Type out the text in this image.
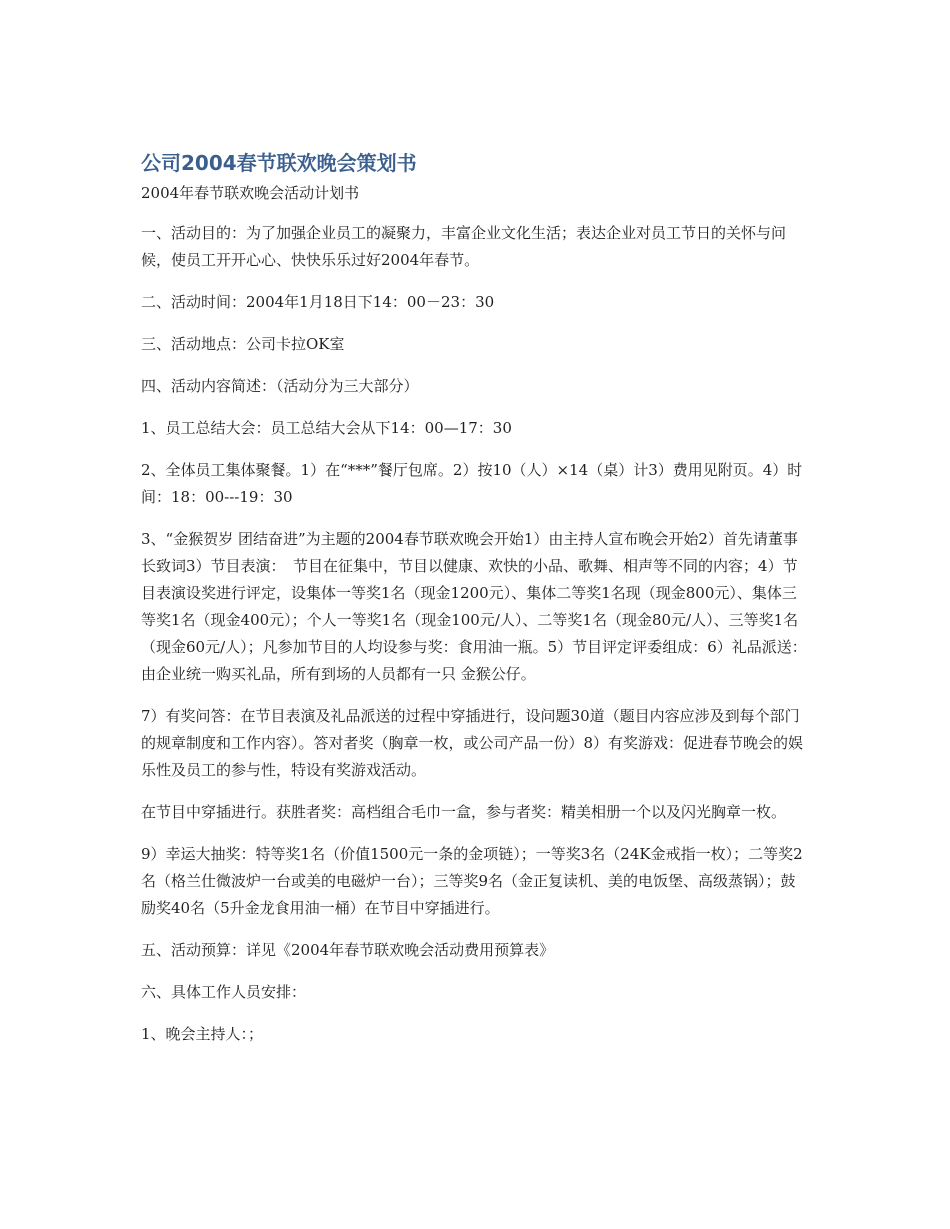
公司2004春节联欢晚会策划书

2004年春节联欢晚会活动计划书

一、活动目的：为了加强企业员工的凝聚力，丰富企业文化生活；表达企业对员工节日的关怀与问候，使员工开开心心、快快乐乐过好2004年春节。

二、活动时间：2004年1月18日下14：00－23：30

三、活动地点：公司卡拉OK室

四、活动内容简述：（活动分为三大部分）

1、员工总结大会：员工总结大会从下14：00—17：30

2、全体员工集体聚餐。1）在“***”餐厅包席。2）按10（人）×14（桌）计3）费用见附页。4）时间：18：00---19：30

3、“金猴贺岁 团结奋进”为主题的2004春节联欢晚会开始1）由主持人宣布晚会开始2）首先请董事长致词3）节目表演：　节目在征集中，节目以健康、欢快的小品、歌舞、相声等不同的内容；4）节目表演设奖进行评定，设集体一等奖1名（现金1200元）、集体二等奖1名现（现金800元）、集体三等奖1名（现金400元）；个人一等奖1名（现金100元/人）、二等奖1名（现金80元/人）、三等奖1名（现金60元/人）；凡参加节目的人均设参与奖：食用油一瓶。5）节目评定评委组成：6）礼品派送：由企业统一购买礼品，所有到场的人员都有一只 金猴公仔。

7）有奖问答：在节目表演及礼品派送的过程中穿插进行，设问题30道（题目内容应涉及到每个部门的规章制度和工作内容）。答对者奖（胸章一枚，或公司产品一份）8）有奖游戏：促进春节晚会的娱乐性及员工的参与性，特设有奖游戏活动。

在节目中穿插进行。获胜者奖：高档组合毛巾一盒，参与者奖：精美相册一个以及闪光胸章一枚。

9）幸运大抽奖：特等奖1名（价值1500元一条的金项链）；一等奖3名（24K金戒指一枚）；二等奖2名（格兰仕微波炉一台或美的电磁炉一台）；三等奖9名（金正复读机、美的电饭堡、高级蒸锅）；鼓励奖40名（5升金龙食用油一桶）在节目中穿插进行。

五、活动预算：详见《2004年春节联欢晚会活动费用预算表》

六、具体工作人员安排：

1、晚会主持人：；
